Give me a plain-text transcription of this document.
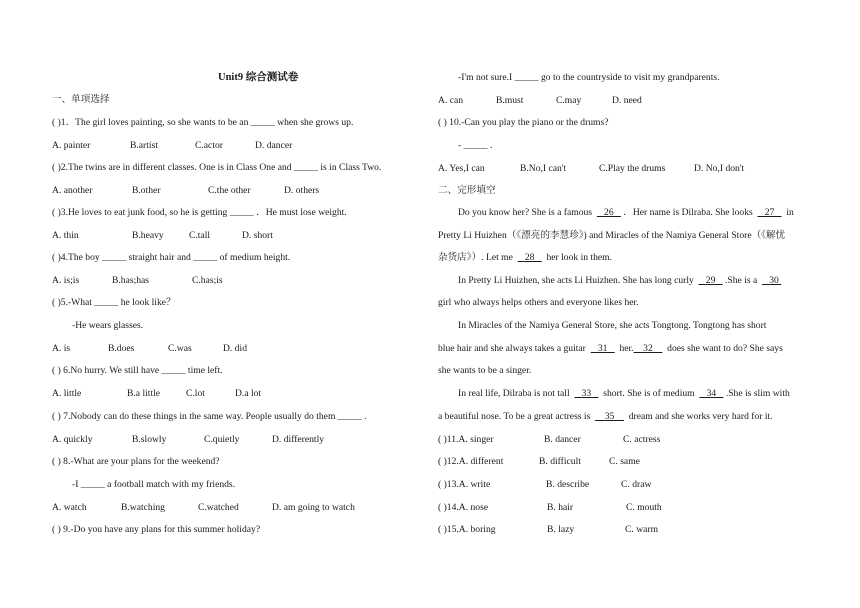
Unit9 综合测试卷
一、单项选择
( )1．The girl loves painting, so she wants to be an _____ when she grows up.
A. painter	B.artist	C.actor	D. dancer
( )2.The twins are in different classes. One is in Class One and _____ is in Class Two.
A. another	B.other	C.the other	D. others
( )3.He loves to eat junk food, so he is getting _____ ．He must lose weight.
A. thin	B.heavy	C.tall	D. short
( )4.The boy _____ straight hair and _____ of medium height.
A. is;is	B.has;has	C.has;is
( )5.-What _____ he look like？
-He wears glasses.
A. is	B.does	C.was	D. did
( ) 6.No hurry. We still have _____ time left.
A. little	B.a little	C.lot	D.a lot
( ) 7.Nobody can do these things in the same way. People usually do them _____ .
A. quickly	B.slowly	C.quietly	D. differently
( ) 8.-What are your plans for the weekend?
-I _____ a football match with my friends.
A. watch	B.watching	C.watched	D. am going to watch
( ) 9.-Do you have any plans for this summer holiday?
-I'm not sure.I _____ go to the countryside to visit my grandparents.
A. can	B.must	C.may	D. need
( ) 10.-Can you play the piano or the drums?
- _____ .
A. Yes,I can	B.No,I can't	C.Play the drums	D. No,I don't
二、完形填空
Do you know her? She is a famous 26 ．Her name is Dilraba. She looks 27 in
Pretty Li Huizhen（《漂亮的李慧珍》) and Miracles of the Namiya General Store（《解忧
杂货店》）. Let me 28 her look in them.
In Pretty Li Huizhen, she acts Li Huizhen. She has long curly 29 .She is a 30
girl who always helps others and everyone likes her.
In Miracles of the Namiya General Store, she acts Tongtong. Tongtong has short
blue hair and she always takes a guitar 31 her. 32 does she want to do? She says
she wants to be a singer.
In real life, Dilraba is not tall 33 short. She is of medium 34 .She is slim with
a beautiful nose. To be a great actress is 35 dream and she works very hard for it.
( )11.A. singer	B. dancer	C. actress
( )12.A. different	B. difficult	C. same
( )13.A. write	B. describe	C. draw
( )14.A. nose	B. hair	C. mouth
( )15.A. boring	B. lazy	C. warm
